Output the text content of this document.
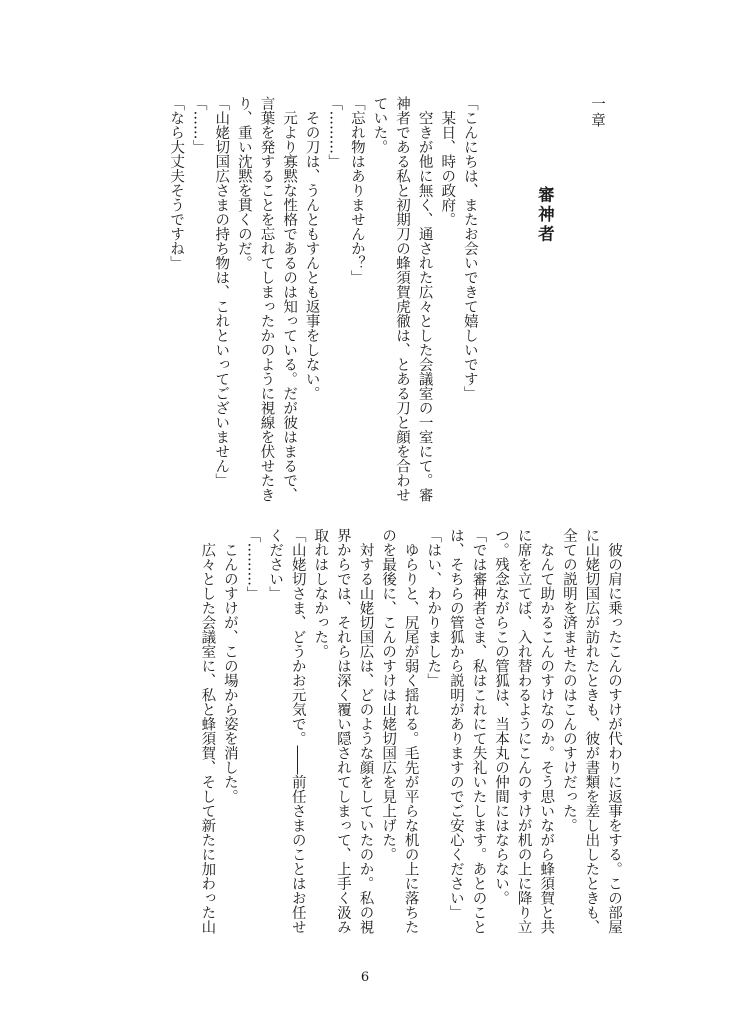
一章

審神者

「こんにちは、またお会いできて嬉しいです」

　某日、時の政府。

　空きが他に無く、通された広々とした会議室の一室にて。審

神者である私と初期刀の蜂須賀虎徹は、とある刀と顔を合わせ

ていた。

「忘れ物はありませんか？」

「………」

　その刀は、うんともすんとも返事をしない。

　元より寡黙な性格であるのは知っている。だが彼はまるで、

言葉を発することを忘れてしまったかのように視線を伏せたき

り、重い沈黙を貫くのだ。

「山姥切国広さまの持ち物は、これといってございません」

「……」

「なら大丈夫そうですね」

　彼の肩に乗ったこんのすけが代わりに返事をする。この部屋

に山姥切国広が訪れたときも、彼が書類を差し出したときも、

全ての説明を済ませたのはこんのすけだった。

　なんて助かるこんのすけなのか。そう思いながら蜂須賀と共

に席を立てば、入れ替わるようにこんのすけが机の上に降り立

つ。残念ながらこの管狐は、当本丸の仲間にはならない。

「では審神者さま、私はこれにて失礼いたします。あとのこと

は、そちらの管狐から説明がありますのでご安心ください」

「はい、わかりました」

　ゆらりと、尻尾が弱く揺れる。毛先が平らな机の上に落ちた

のを最後に、こんのすけは山姥切国広を見上げた。

　対する山姥切国広は、どのような顔をしていたのか。私の視

界からでは、それらは深く覆い隠されてしまって、上手く汲み

取れはしなかった。

「山姥切さま、どうかお元気で。――前任さまのことはお任せ

ください」

「………」

　こんのすけが、この場から姿を消した。

　広々とした会議室に、私と蜂須賀、そして新たに加わった山

6
